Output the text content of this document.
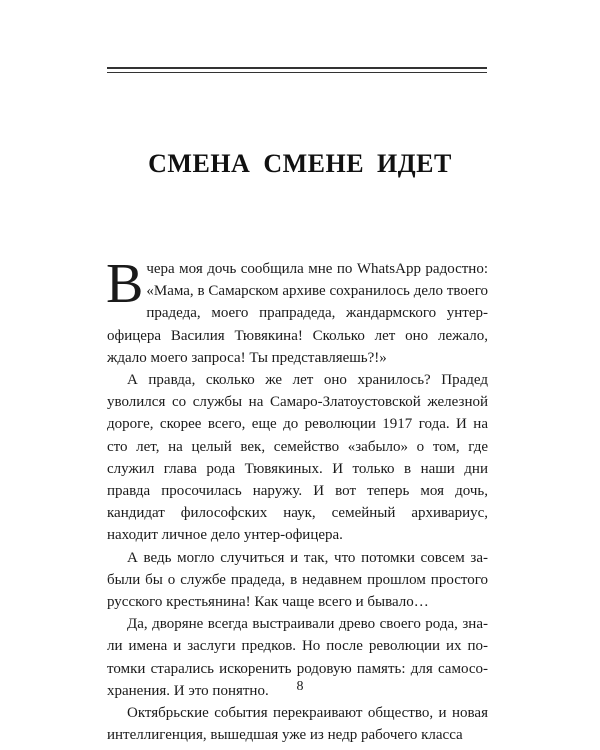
СМЕНА СМЕНЕ ИДЕТ

Вчера моя дочь сообщила мне по WhatsApp радостно: «Мама, в Самарском архиве сохранилось дело твоего прадеда, моего прапрадеда, жандармского унтер-офицера Василия Тювякина! Сколько лет оно лежало, ждало моего запроса! Ты представляешь?!»

А правда, сколько же лет оно хранилось? Прадед уволился со службы на Самаро-Златоустовской железной дороге, скорее всего, еще до революции 1917 года. И на сто лет, на целый век, семейство «забыло» о том, где служил глава рода Тювякиных. И только в наши дни правда просочилась наружу. И вот теперь моя дочь, кандидат философских наук, семейный архивариус, находит личное дело унтер-офицера.

А ведь могло случиться и так, что потомки совсем забыли бы о службе прадеда, в недавнем прошлом простого русского крестьянина! Как чаще всего и бывало…

Да, дворяне всегда выстраивали древо своего рода, знали имена и заслуги предков. Но после революции их потомки старались искоренить родовую память: для самосохранения. И это понятно.

Октябрьские события перекраивают общество, и новая интеллигенция, вышедшая уже из недр рабочего класса

8
